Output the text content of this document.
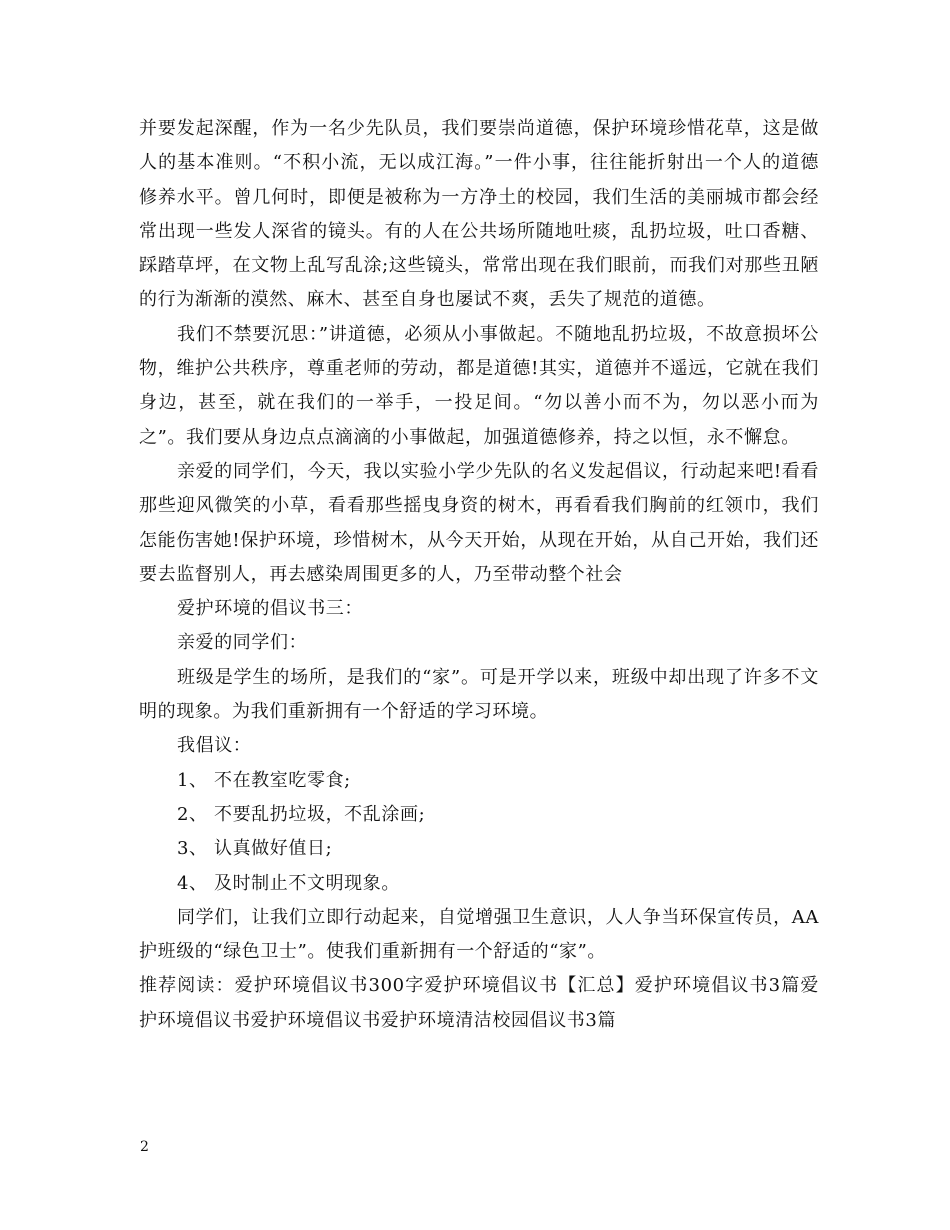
并要发起深醒，作为一名少先队员，我们要崇尚道德，保护环境珍惜花草，这是做人的基本准则。“不积小流，无以成江海。”一件小事，往往能折射出一个人的道德修养水平。曾几何时，即便是被称为一方净土的校园，我们生活的美丽城市都会经常出现一些发人深省的镜头。有的人在公共场所随地吐痰，乱扔垃圾，吐口香糖、踩踏草坪，在文物上乱写乱涂;这些镜头，常常出现在我们眼前，而我们对那些丑陋的行为渐渐的漠然、麻木、甚至自身也屡试不爽，丢失了规范的道德。

我们不禁要沉思：”讲道德，必须从小事做起。不随地乱扔垃圾，不故意损坏公物，维护公共秩序，尊重老师的劳动，都是道德!其实，道德并不遥远，它就在我们身边，甚至，就在我们的一举手，一投足间。“勿以善小而不为，勿以恶小而为之”。我们要从身边点点滴滴的小事做起，加强道德修养，持之以恒，永不懈怠。

亲爱的同学们，今天，我以实验小学少先队的名义发起倡议，行动起来吧!看看那些迎风微笑的小草，看看那些摇曳身资的树木，再看看我们胸前的红领巾，我们怎能伤害她!保护环境，珍惜树木，从今天开始，从现在开始，从自己开始，我们还要去监督别人，再去感染周围更多的人，乃至带动整个社会

爱护环境的倡议书三：

亲爱的同学们：

班级是学生的场所，是我们的“家”。可是开学以来，班级中却出现了许多不文明的现象。为我们重新拥有一个舒适的学习环境。

我倡议：

1、 不在教室吃零食;

2、 不要乱扔垃圾，不乱涂画;

3、 认真做好值日;

4、 及时制止不文明现象。

同学们，让我们立即行动起来，自觉增强卫生意识，人人争当环保宣传员，AA护班级的“绿色卫士”。使我们重新拥有一个舒适的“家”。

推荐阅读：爱护环境倡议书300字爱护环境倡议书【汇总】爱护环境倡议书3篇爱护环境倡议书爱护环境倡议书爱护环境清洁校园倡议书3篇

2
